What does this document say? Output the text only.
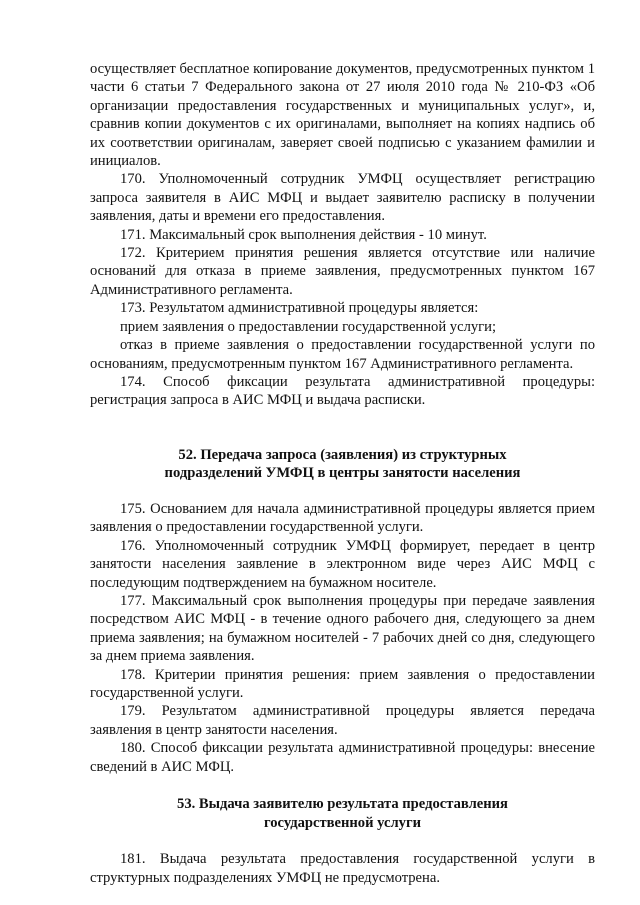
осуществляет бесплатное копирование документов, предусмотренных пунктом 1 части 6 статьи 7 Федерального закона от 27 июля 2010 года № 210-ФЗ «Об организации предоставления государственных и муниципальных услуг», и, сравнив копии документов с их оригиналами, выполняет на копиях надпись об их соответствии оригиналам, заверяет своей подписью с указанием фамилии и инициалов.

170. Уполномоченный сотрудник УМФЦ осуществляет регистрацию запроса заявителя в АИС МФЦ и выдает заявителю расписку в получении заявления, даты и времени его предоставления.

171. Максимальный срок выполнения действия - 10 минут.

172. Критерием принятия решения является отсутствие или наличие оснований для отказа в приеме заявления, предусмотренных пунктом 167 Административного регламента.

173. Результатом административной процедуры является:

прием заявления о предоставлении государственной услуги;

отказ в приеме заявления о предоставлении государственной услуги по основаниям, предусмотренным пунктом 167 Административного регламента.

174. Способ фиксации результата административной процедуры: регистрация запроса в АИС МФЦ и выдача расписки.

52. Передача запроса (заявления) из структурных
подразделений УМФЦ в центры занятости населения

175. Основанием для начала административной процедуры является прием заявления о предоставлении государственной услуги.

176. Уполномоченный сотрудник УМФЦ формирует, передает в центр занятости населения заявление в электронном виде через АИС МФЦ с последующим подтверждением на бумажном носителе.

177. Максимальный срок выполнения процедуры при передаче заявления посредством АИС МФЦ - в течение одного рабочего дня, следующего за днем приема заявления; на бумажном носителей - 7 рабочих дней со дня, следующего за днем приема заявления.

178. Критерии принятия решения: прием заявления о предоставлении государственной услуги.

179. Результатом административной процедуры является передача заявления в центр занятости населения.

180. Способ фиксации результата административной процедуры: внесение сведений в АИС МФЦ.

53. Выдача заявителю результата предоставления
государственной услуги

181. Выдача результата предоставления государственной услуги в структурных подразделениях УМФЦ не предусмотрена.
